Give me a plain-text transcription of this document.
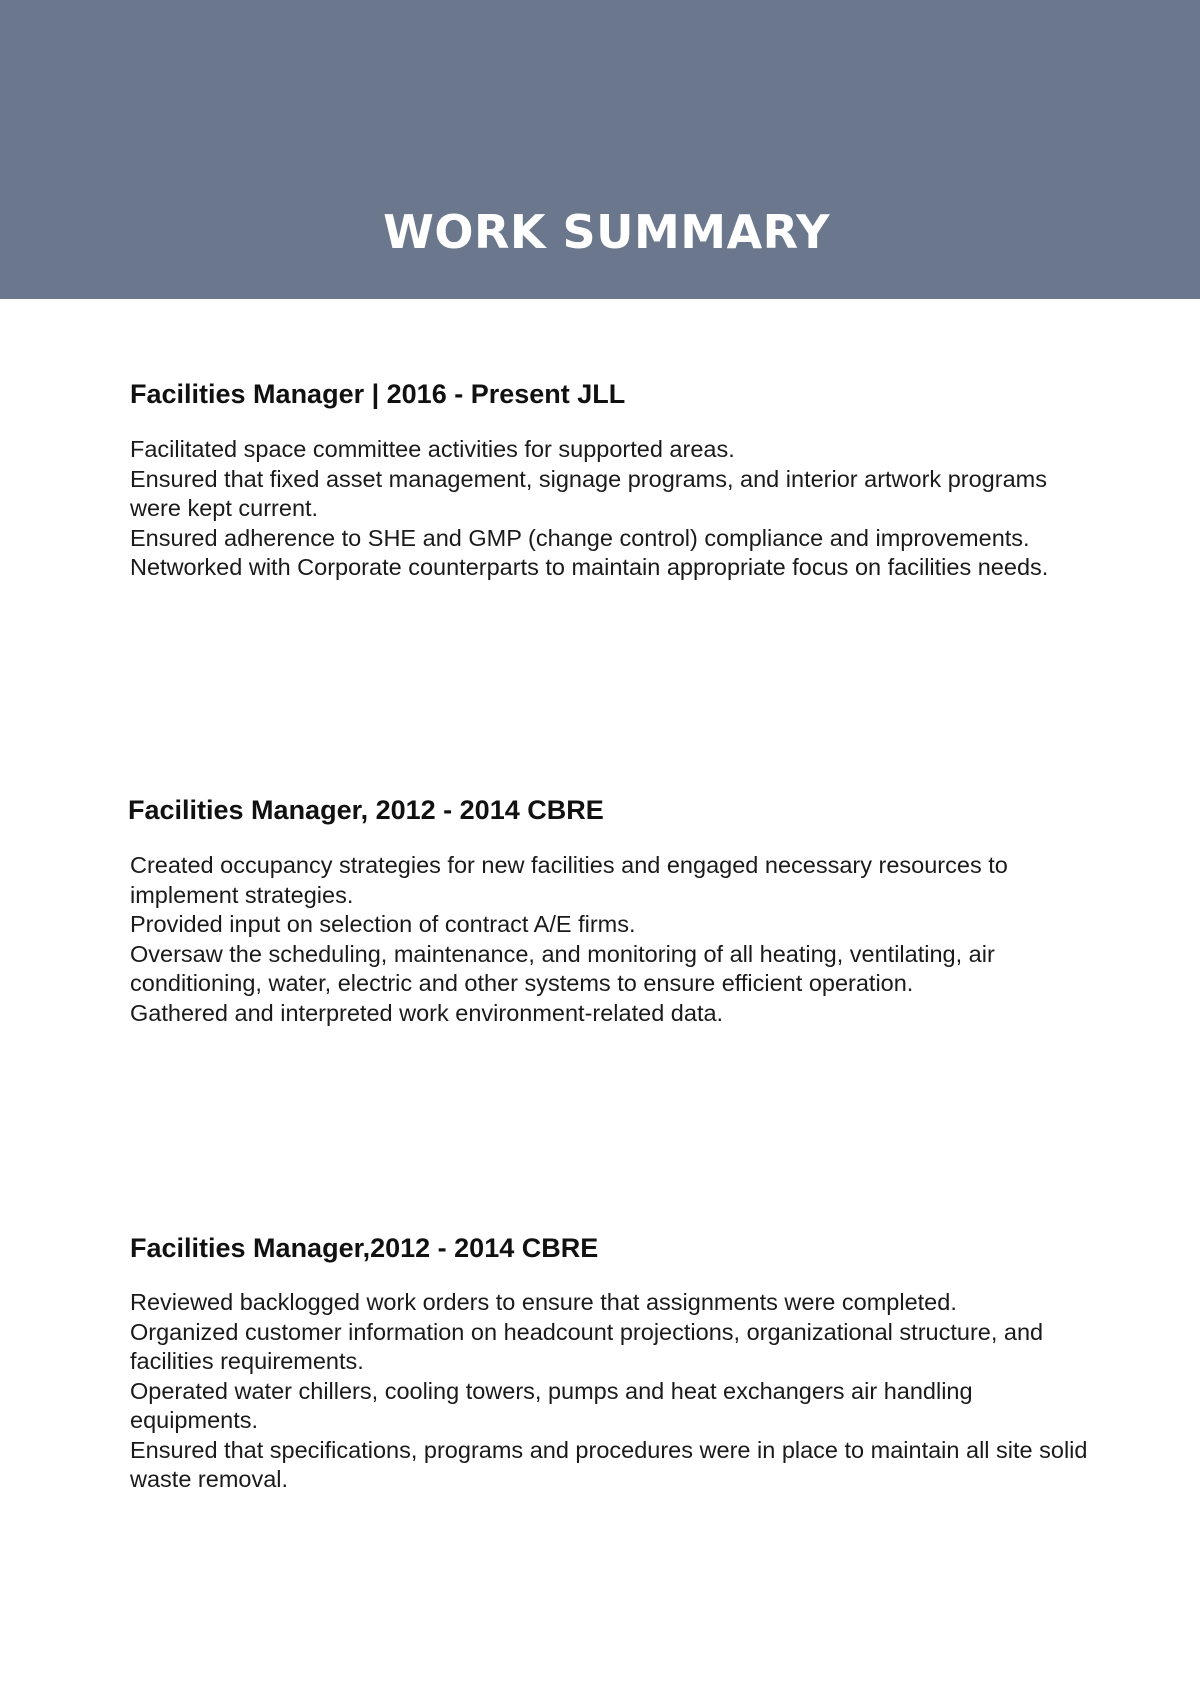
WORK SUMMARY
Facilities Manager | 2016 - Present JLL
Facilitated space committee activities for supported areas.
Ensured that fixed asset management, signage programs, and interior artwork programs were kept current.
Ensured adherence to SHE and GMP (change control) compliance and improvements.
Networked with Corporate counterparts to maintain appropriate focus on facilities needs.
Facilities Manager, 2012 - 2014 CBRE
Created occupancy strategies for new facilities and engaged necessary resources to implement strategies.
Provided input on selection of contract A/E firms.
Oversaw the scheduling, maintenance, and monitoring of all heating, ventilating, air conditioning, water, electric and other systems to ensure efficient operation.
Gathered and interpreted work environment-related data.
Facilities Manager,2012 - 2014 CBRE
Reviewed backlogged work orders to ensure that assignments were completed.
Organized customer information on headcount projections, organizational structure, and facilities requirements.
Operated water chillers, cooling towers, pumps and heat exchangers air handling equipments.
Ensured that specifications, programs and procedures were in place to maintain all site solid waste removal.
